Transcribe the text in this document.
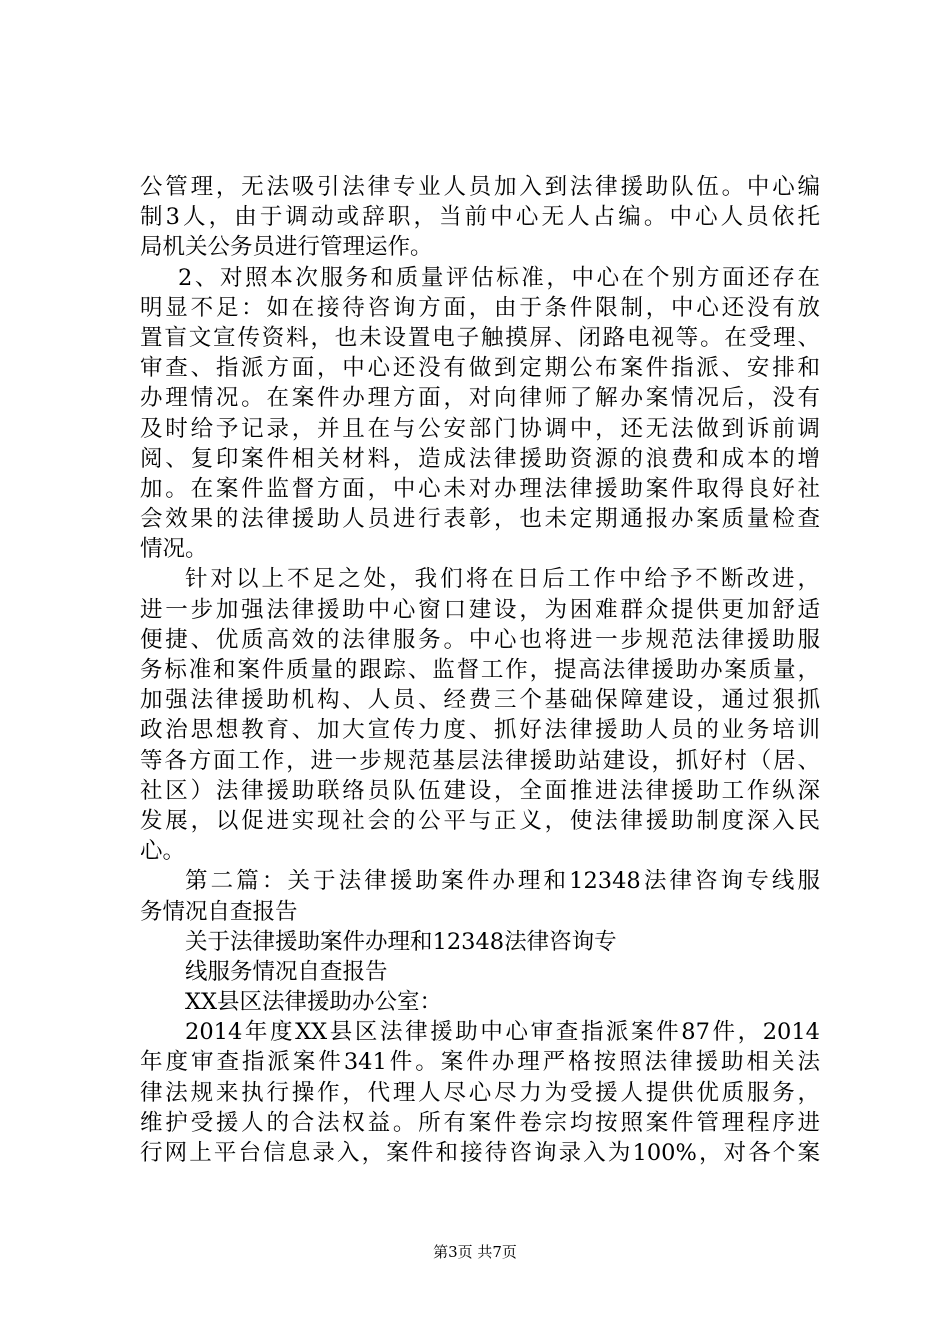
公管理，无法吸引法律专业人员加入到法律援助队伍。中心编
制3人，由于调动或辞职，当前中心无人占编。中心人员依托
局机关公务员进行管理运作。
2、对照本次服务和质量评估标准，中心在个别方面还存在
明显不足：如在接待咨询方面，由于条件限制，中心还没有放
置盲文宣传资料，也未设置电子触摸屏、闭路电视等。在受理、
审查、指派方面，中心还没有做到定期公布案件指派、安排和
办理情况。在案件办理方面，对向律师了解办案情况后，没有
及时给予记录，并且在与公安部门协调中，还无法做到诉前调
阅、复印案件相关材料，造成法律援助资源的浪费和成本的增
加。在案件监督方面，中心未对办理法律援助案件取得良好社
会效果的法律援助人员进行表彰，也未定期通报办案质量检查
情况。
针对以上不足之处，我们将在日后工作中给予不断改进，
进一步加强法律援助中心窗口建设，为困难群众提供更加舒适
便捷、优质高效的法律服务。中心也将进一步规范法律援助服
务标准和案件质量的跟踪、监督工作，提高法律援助办案质量，
加强法律援助机构、人员、经费三个基础保障建设，通过狠抓
政治思想教育、加大宣传力度、抓好法律援助人员的业务培训
等各方面工作，进一步规范基层法律援助站建设，抓好村（居、
社区）法律援助联络员队伍建设，全面推进法律援助工作纵深
发展，以促进实现社会的公平与正义，使法律援助制度深入民
心。
第二篇：关于法律援助案件办理和12348法律咨询专线服
务情况自查报告
关于法律援助案件办理和12348法律咨询专
线服务情况自查报告
XX县区法律援助办公室：
2014年度XX县区法律援助中心审查指派案件87件，2014
年度审查指派案件341件。案件办理严格按照法律援助相关法
律法规来执行操作，代理人尽心尽力为受援人提供优质服务，
维护受援人的合法权益。所有案件卷宗均按照案件管理程序进
行网上平台信息录入，案件和接待咨询录入为100%，对各个案
第3页 共7页
